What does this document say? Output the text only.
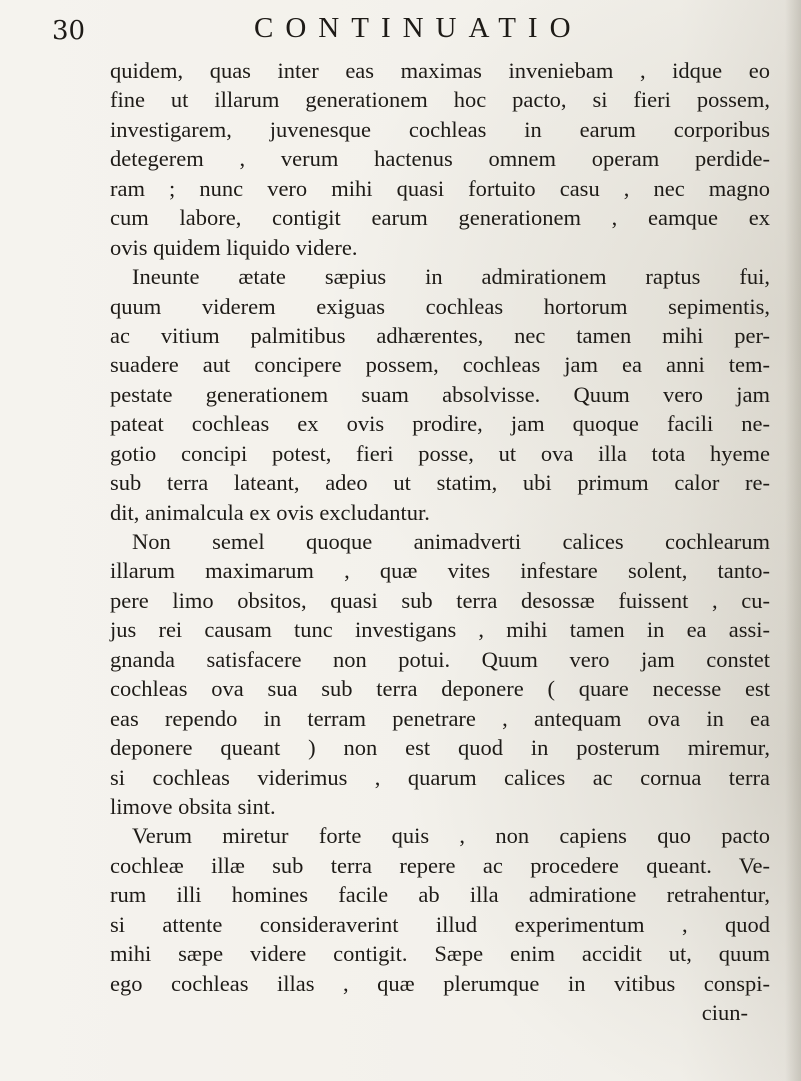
30	CONTINUATIO
quidem, quas inter eas maximas inveniebam , idque eo
fine ut illarum generationem hoc pacto, si fieri possem,
investigarem, juvenesque cochleas in earum corporibus
detegerem , verum hactenus omnem operam perdide-
ram ; nunc vero mihi quasi fortuito casu , nec magno
cum labore, contigit earum generationem , eamque ex
ovis quidem liquido videre.
Ineunte ætate sæpius in admirationem raptus fui,
quum viderem exiguas cochleas hortorum sepimentis,
ac vitium palmitibus adhærentes, nec tamen mihi per-
suadere aut concipere possem, cochleas jam ea anni tem-
pestate generationem suam absolvisse. Quum vero jam
pateat cochleas ex ovis prodire, jam quoque facili ne-
gotio concipi potest, fieri posse, ut ova illa tota hyeme
sub terra lateant, adeo ut statim, ubi primum calor re-
dit, animalcula ex ovis excludantur.
Non semel quoque animadverti calices cochlearum
illarum maximarum , quæ vites infestare solent, tanto-
pere limo obsitos, quasi sub terra desossæ fuissent , cu-
jus rei causam tunc investigans , mihi tamen in ea assi-
gnanda satisfacere non potui. Quum vero jam constet
cochleas ova sua sub terra deponere ( quare necesse est
eas rependo in terram penetrare , antequam ova in ea
deponere queant ) non est quod in posterum miremur,
si cochleas viderimus , quarum calices ac cornua terra
limove obsita sint.
Verum miretur forte quis , non capiens quo pacto
cochleæ illæ sub terra repere ac procedere queant. Ve-
rum illi homines facile ab illa admiratione retrahentur,
si attente consideraverint illud experimentum , quod
mihi sæpe videre contigit. Sæpe enim accidit ut, quum
ego cochleas illas , quæ plerumque in vitibus conspi-
ciun-
